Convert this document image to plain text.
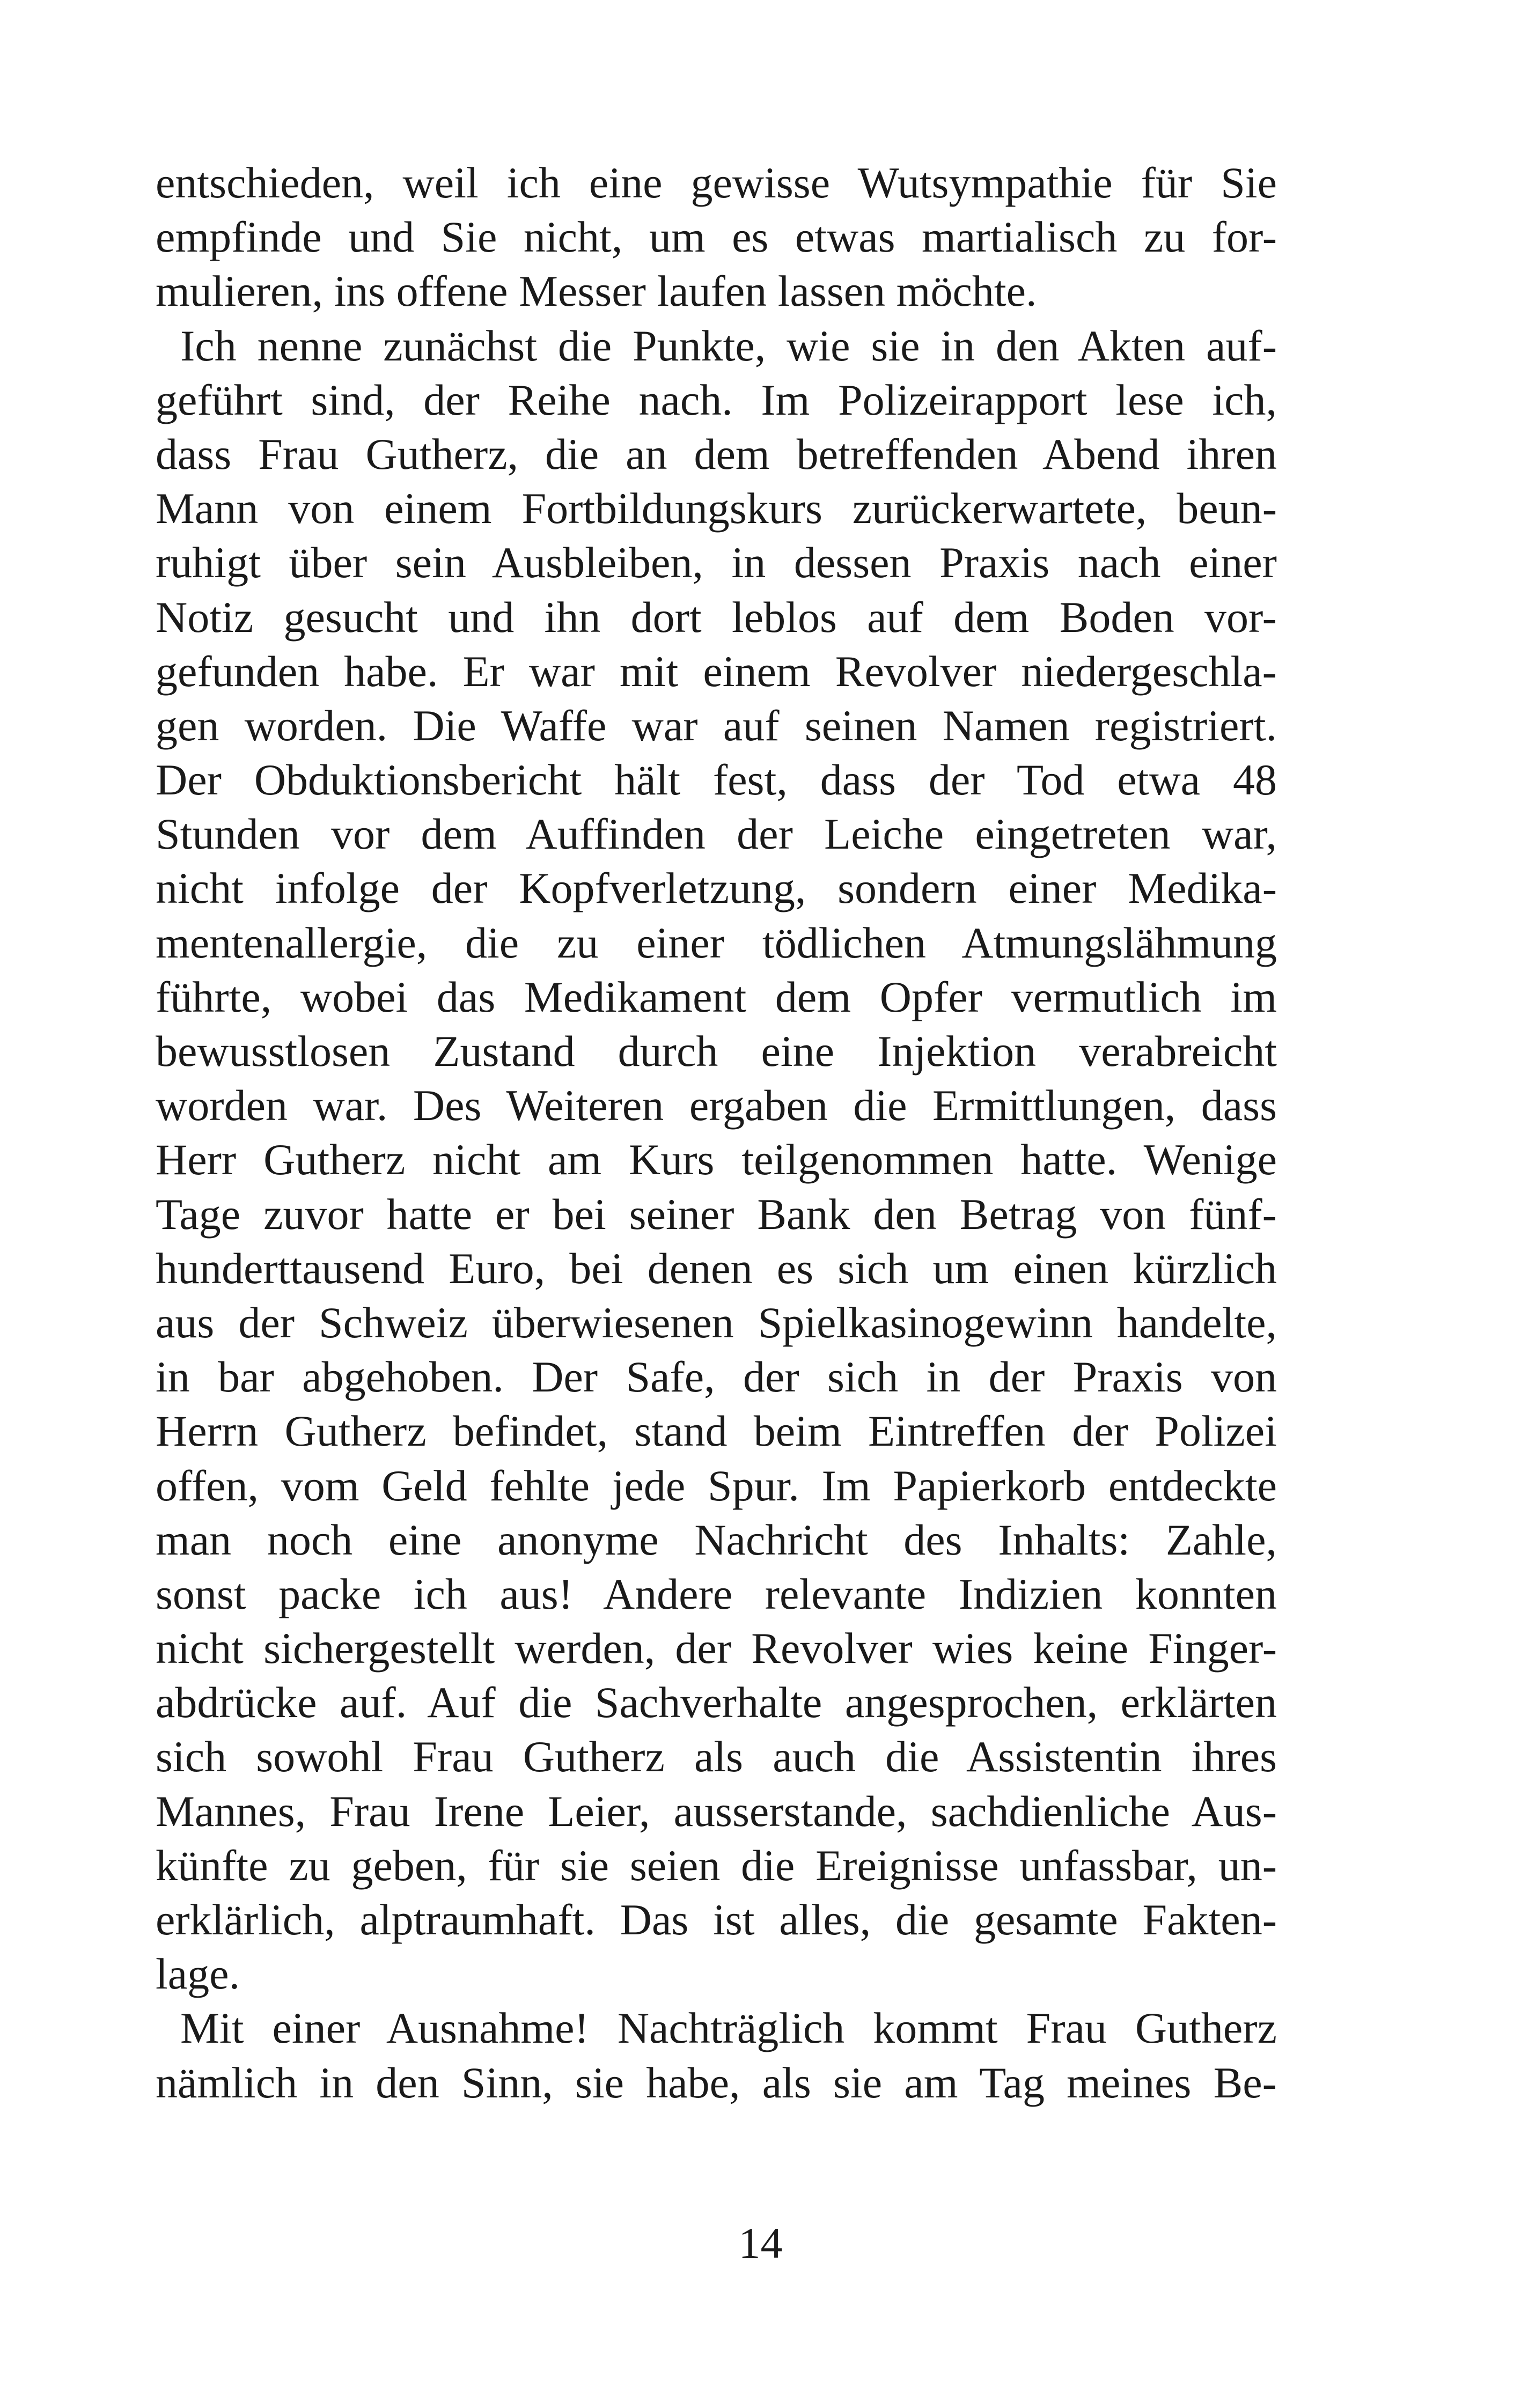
entschieden, weil ich eine gewisse Wutsympathie für Sie
empfinde und Sie nicht, um es etwas martialisch zu for-
mulieren, ins offene Messer laufen lassen möchte.
Ich nenne zunächst die Punkte, wie sie in den Akten auf-
geführt sind, der Reihe nach. Im Polizeirapport lese ich,
dass Frau Gutherz, die an dem betreffenden Abend ihren
Mann von einem Fortbildungskurs zurückerwartete, beun-
ruhigt über sein Ausbleiben, in dessen Praxis nach einer
Notiz gesucht und ihn dort leblos auf dem Boden vor-
gefunden habe. Er war mit einem Revolver niedergeschla-
gen worden. Die Waffe war auf seinen Namen registriert.
Der Obduktionsbericht hält fest, dass der Tod etwa 48
Stunden vor dem Auffinden der Leiche eingetreten war,
nicht infolge der Kopfverletzung, sondern einer Medika-
mentenallergie, die zu einer tödlichen Atmungslähmung
führte, wobei das Medikament dem Opfer vermutlich im
bewusstlosen Zustand durch eine Injektion verabreicht
worden war. Des Weiteren ergaben die Ermittlungen, dass
Herr Gutherz nicht am Kurs teilgenommen hatte. Wenige
Tage zuvor hatte er bei seiner Bank den Betrag von fünf-
hunderttausend Euro, bei denen es sich um einen kürzlich
aus der Schweiz überwiesenen Spielkasinogewinn handelte,
in bar abgehoben. Der Safe, der sich in der Praxis von
Herrn Gutherz befindet, stand beim Eintreffen der Polizei
offen, vom Geld fehlte jede Spur. Im Papierkorb entdeckte
man noch eine anonyme Nachricht des Inhalts: Zahle,
sonst packe ich aus! Andere relevante Indizien konnten
nicht sichergestellt werden, der Revolver wies keine Finger-
abdrücke auf. Auf die Sachverhalte angesprochen, erklärten
sich sowohl Frau Gutherz als auch die Assistentin ihres
Mannes, Frau Irene Leier, ausserstande, sachdienliche Aus-
künfte zu geben, für sie seien die Ereignisse unfassbar, un-
erklärlich, alptraumhaft. Das ist alles, die gesamte Fakten-
lage.
Mit einer Ausnahme! Nachträglich kommt Frau Gutherz
nämlich in den Sinn, sie habe, als sie am Tag meines Be-
14
